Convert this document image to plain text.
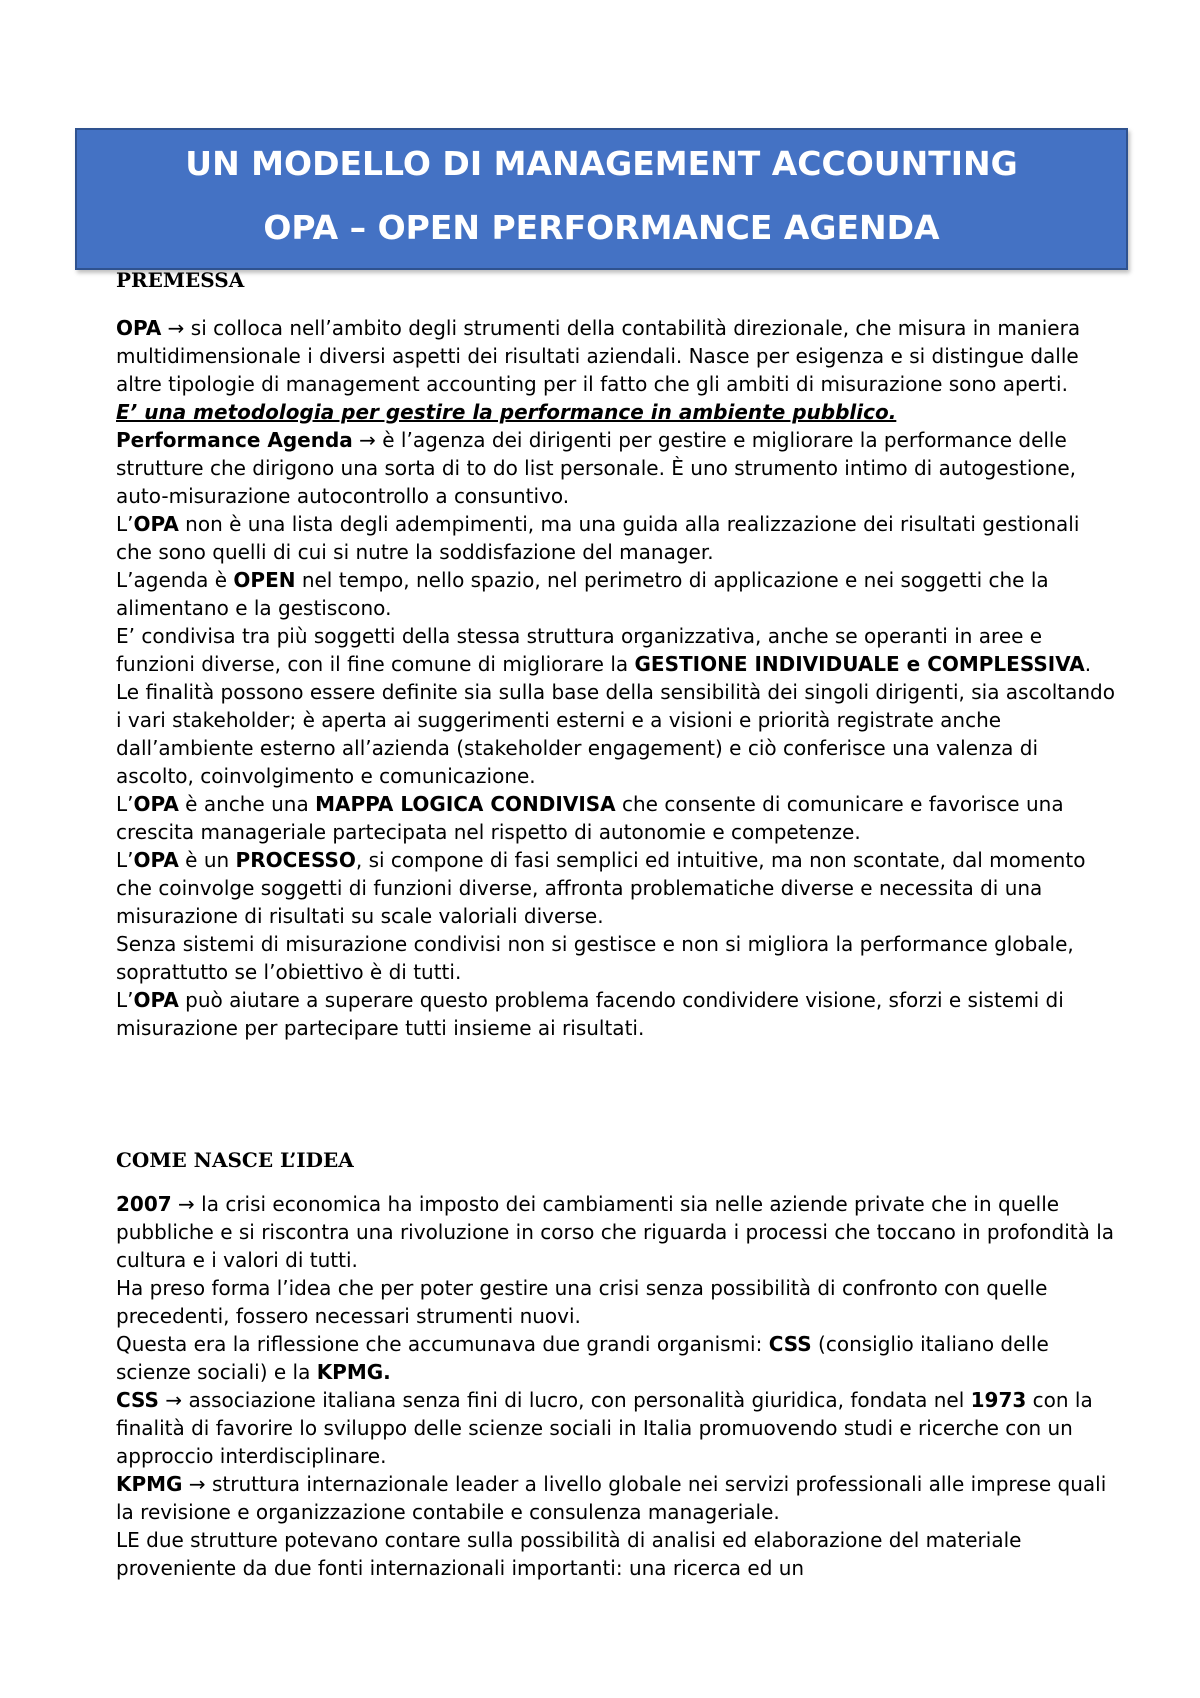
UN MODELLO DI MANAGEMENT ACCOUNTING

OPA – OPEN PERFORMANCE AGENDA

PREMESSA

OPA → si colloca nell’ambito degli strumenti della contabilità direzionale, che misura in maniera multidimensionale i diversi aspetti dei risultati aziendali. Nasce per esigenza e si distingue dalle altre tipologie di management accounting per il fatto che gli ambiti di misurazione sono aperti.

E’ una metodologia per gestire la performance in ambiente pubblico.

Performance Agenda → è l’agenza dei dirigenti per gestire e migliorare la performance delle strutture che dirigono una sorta di to do list personale. È uno strumento intimo di autogestione, auto-misurazione autocontrollo a consuntivo.

L’OPA non è una lista degli adempimenti, ma una guida alla realizzazione dei risultati gestionali che sono quelli di cui si nutre la soddisfazione del manager.

L’agenda è OPEN nel tempo, nello spazio, nel perimetro di applicazione e nei soggetti che la alimentano e la gestiscono.

E’ condivisa tra più soggetti della stessa struttura organizzativa, anche se operanti in aree e funzioni diverse, con il fine comune di migliorare la GESTIONE INDIVIDUALE e COMPLESSIVA.

Le finalità possono essere definite sia sulla base della sensibilità dei singoli dirigenti, sia ascoltando i vari stakeholder; è aperta ai suggerimenti esterni e a visioni e priorità registrate anche dall’ambiente esterno all’azienda (stakeholder engagement) e ciò conferisce una valenza di ascolto, coinvolgimento e comunicazione.

L’OPA è anche una MAPPA LOGICA CONDIVISA che consente di comunicare e favorisce una crescita manageriale partecipata nel rispetto di autonomie e competenze.

L’OPA è un PROCESSO, si compone di fasi semplici ed intuitive, ma non scontate, dal momento che coinvolge soggetti di funzioni diverse, affronta problematiche diverse e necessita di una misurazione di risultati su scale valoriali diverse.

Senza sistemi di misurazione condivisi non si gestisce e non si migliora la performance globale, soprattutto se l’obiettivo è di tutti.

L’OPA può aiutare a superare questo problema facendo condividere visione, sforzi e sistemi di misurazione per partecipare tutti insieme ai risultati.

COME NASCE L’IDEA

2007 → la crisi economica ha imposto dei cambiamenti sia nelle aziende private che in quelle pubbliche e si riscontra una rivoluzione in corso che riguarda i processi che toccano in profondità la cultura e i valori di tutti.

Ha preso forma l’idea che per poter gestire una crisi senza possibilità di confronto con quelle precedenti, fossero necessari strumenti nuovi.

Questa era la riflessione che accumunava due grandi organismi: CSS (consiglio italiano delle scienze sociali) e la KPMG.

CSS → associazione italiana senza fini di lucro, con personalità giuridica, fondata nel 1973 con la finalità di favorire lo sviluppo delle scienze sociali in Italia promuovendo studi e ricerche con un approccio interdisciplinare.

KPMG → struttura internazionale leader a livello globale nei servizi professionali alle imprese quali la revisione e organizzazione contabile e consulenza manageriale.

LE due strutture potevano contare sulla possibilità di analisi ed elaborazione del materiale proveniente da due fonti internazionali importanti: una ricerca ed un
